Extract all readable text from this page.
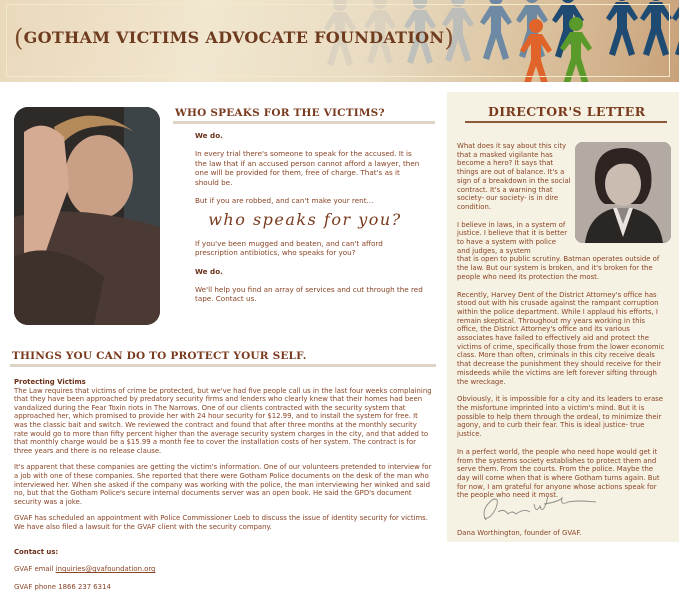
(GOTHAM VICTIMS ADVOCATE FOUNDATION)
WHO SPEAKS FOR THE VICTIMS?

We do.

In every trial there's someone to speak for the accused. It is the law that if an accused person cannot afford a lawyer, then one will be provided for them, free of charge. That's as it should be.

But if you are robbed, and can't make your rent...

who speaks for you?

If you've been mugged and beaten, and can't afford prescription antibiotics, who speaks for you?

We do.

We'll help you find an array of services and cut through the red tape. Contact us.

THINGS YOU CAN DO TO PROTECT YOUR SELF.
Protecting Victims

The Law requires that victims of crime be protected, but we've had five people call us in the last four weeks complaining that they have been approached by predatory security firms and lenders who clearly knew that their homes had been vandalized during the Fear Toxin riots in The Narrows. One of our clients contracted with the security system that approached her, which promised to provide her with 24 hour security for $12.99, and to install the system for free. It was the classic bait and switch. We reviewed the contract and found that after three months at the monthly security rate would go to more than fifty percent higher than the average security system charges in the city, and that added to that monthly charge would be a $15.99 a month fee to cover the installation costs of her system. The contract is for three years and there is no release clause.

It's apparent that these companies are getting the victim's information. One of our volunteers pretended to interview for a job with one of these companies. She reported that there were Gotham Police documents on the desk of the man who interviewed her. When she asked if the company was working with the police, the man interviewing her winked and said no, but that the Gotham Police's secure internal documents server was an open book. He said the GPD's document security was a joke.

GVAF has scheduled an appointment with Police Commissioner Loeb to discuss the issue of identity security for victims. We have also filed a lawsuit for the GVAF client with the security company.

Contact us:

GVAF email inquiries@gvafoundation.org

GVAF phone 1866 237 6314

DIRECTOR'S LETTER

What does it say about this city that a masked vigilante has become a hero? It says that things are out of balance. It's a sign of a breakdown in the social contract. It's a warning that society- our society- is in dire condition.

I believe in laws, in a system of justice. I believe that it is better to have a system with police and judges, a system
that is open to public scrutiny. Batman operates outside of the law. But our system is broken, and it's broken for the people who need its protection the most.

Recently, Harvey Dent of the District Attorney's office has stood out with his crusade against the rampant corruption within the police department. While I applaud his efforts, I remain skeptical. Throughout my years working in this office, the District Attorney's office and its various associates have failed to effectively aid and protect the victims of crime, specifically those from the lower economic class. More than often, criminals in this city receive deals that decrease the punishment they should receive for their misdeeds while the victims are left forever sifting through the wreckage.

Obviously, it is impossible for a city and its leaders to erase the misfortune imprinted into a victim's mind. But it is possible to help them through the ordeal, to minimize their agony, and to curb their fear. This is ideal justice- true justice.

In a perfect world, the people who need hope would get it from the systems society establishes to protect them and serve them. From the courts. From the police. Maybe the day will come when that is where Gotham turns again. But for now, I am grateful for anyone whose actions speak for the people who need it most.

Dana Worthington, founder of GVAF.
